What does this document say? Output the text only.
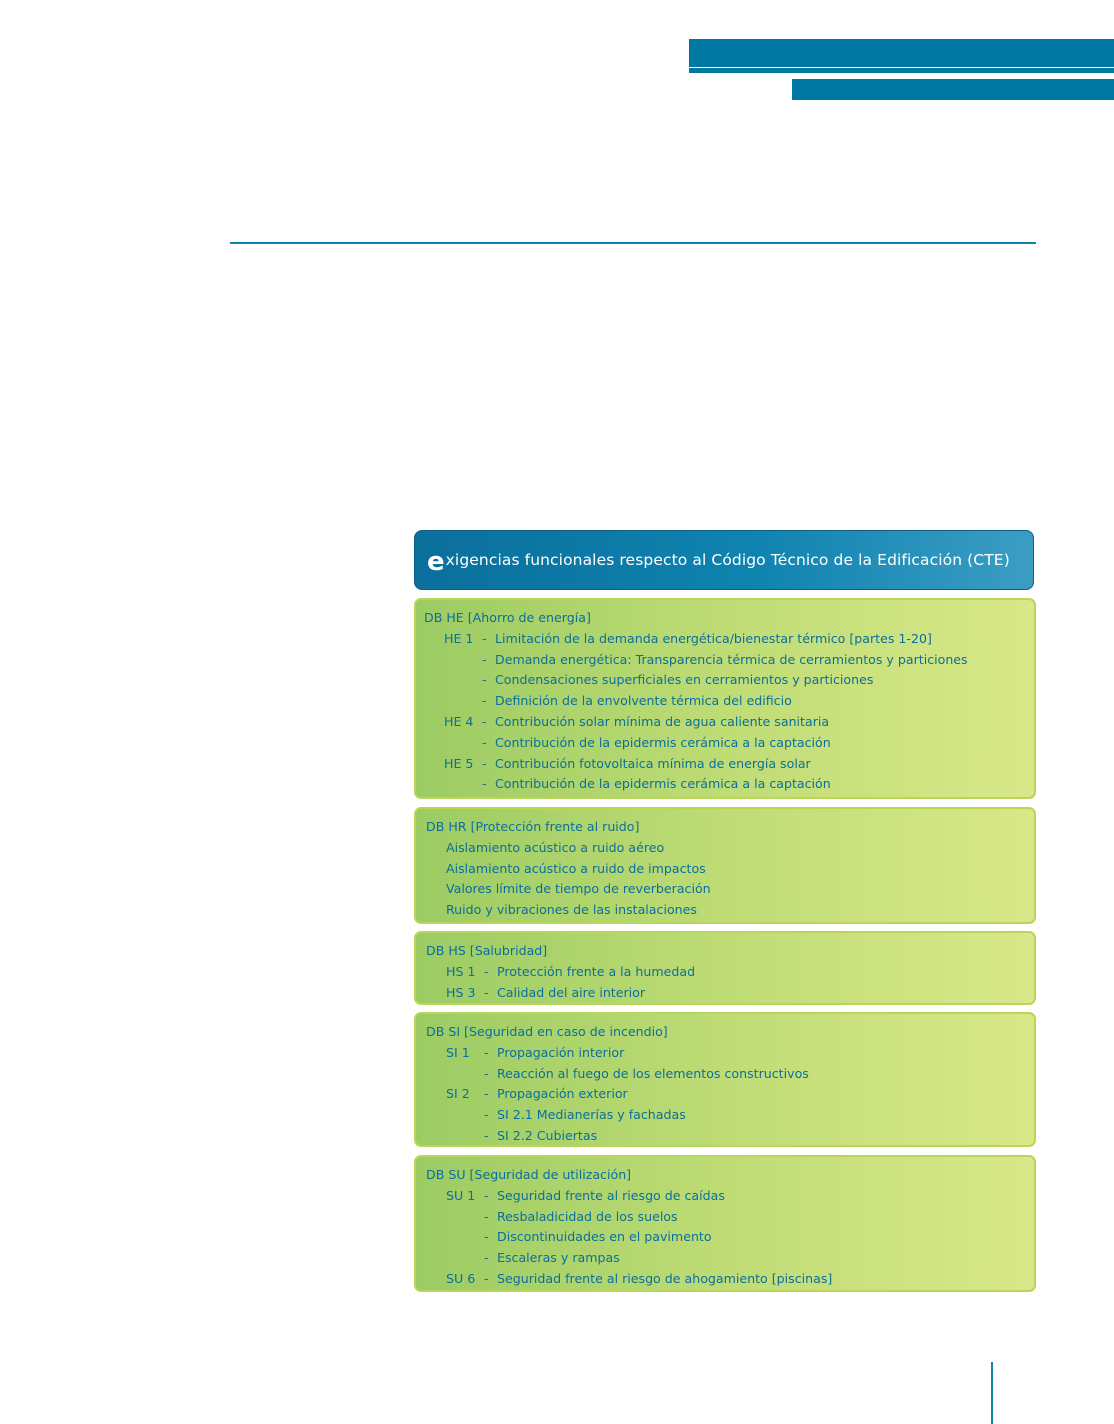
e xigencias funcionales respecto al Código Técnico de la Edificación (CTE)
DB HE [Ahorro de energía]
HE 1 - Limitación de la demanda energética/bienestar térmico [partes 1-20]
- Demanda energética: Transparencia térmica de cerramientos y particiones
- Condensaciones superficiales en cerramientos y particiones
- Definición de la envolvente térmica del edificio
HE 4 - Contribución solar mínima de agua caliente sanitaria
- Contribución de la epidermis cerámica a la captación
HE 5 - Contribución fotovoltaica mínima de energía solar
- Contribución de la epidermis cerámica a la captación
DB HR [Protección frente al ruido]
Aislamiento acústico a ruido aéreo
Aislamiento acústico a ruido de impactos
Valores límite de tiempo de reverberación
Ruido y vibraciones de las instalaciones
DB HS [Salubridad]
HS 1 - Protección frente a la humedad
HS 3 - Calidad del aire interior
DB SI [Seguridad en caso de incendio]
SI 1 - Propagación interior
- Reacción al fuego de los elementos constructivos
SI 2 - Propagación exterior
- SI 2.1 Medianerías y fachadas
- SI 2.2 Cubiertas
DB SU [Seguridad de utilización]
SU 1 - Seguridad frente al riesgo de caídas
- Resbaladicidad de los suelos
- Discontinuidades en el pavimento
- Escaleras y rampas
SU 6 - Seguridad frente al riesgo de ahogamiento [piscinas]
